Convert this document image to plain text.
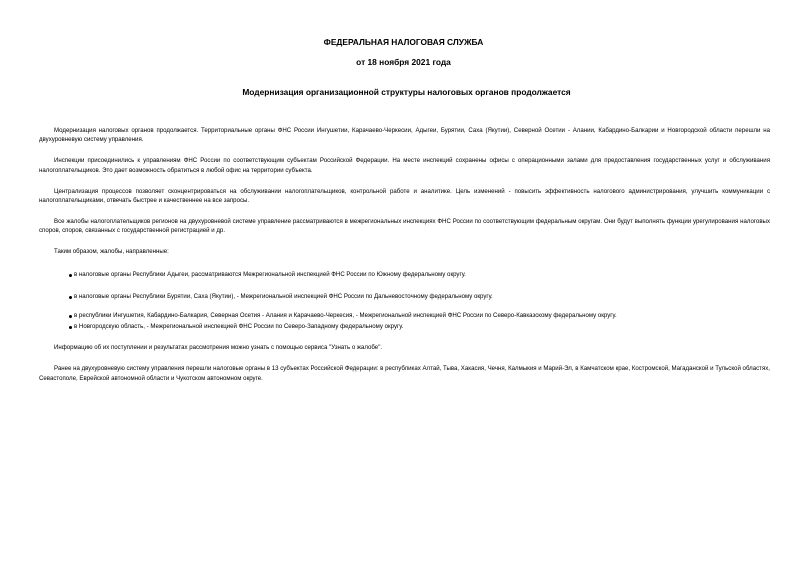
ФЕДЕРАЛЬНАЯ НАЛОГОВАЯ СЛУЖБА
от 18 ноября 2021 года
Модернизация организационной структуры налоговых органов продолжается

Модернизация налоговых органов продолжается. Территориальные органы ФНС России Ингушетии, Карачаево-Черкесии, Адыгеи, Бурятии, Саха (Якутии), Северной Осетии - Алании, Кабардино-Балкарии и Новгородской области перешли на двухуровневую систему управления.

Инспекции присоединились к управлениям ФНС России по соответствующим субъектам Российской Федерации. На месте инспекций сохранены офисы с операционными залами для предоставления государственных услуг и обслуживания налогоплательщиков. Это дает возможность обратиться в любой офис на территории субъекта.

Централизация процессов позволяет сконцентрироваться на обслуживании налогоплательщиков, контрольной работе и аналитике. Цель изменений - повысить эффективность налогового администрирования, улучшить коммуникации с налогоплательщиками, отвечать быстрее и качественнее на все запросы.

Все жалобы налогоплательщиков регионов на двухуровневой системе управление рассматриваются в межрегиональных инспекциях ФНС России по соответствующим федеральным округам. Они будут выполнять функции урегулирования налоговых споров, споров, связанных с государственной регистрацией и др.

Таким образом, жалобы, направленные:

в налоговые органы Республики Адыгеи, рассматриваются Межрегиональной инспекцией ФНС России по Южному федеральному округу.

в налоговые органы Республики Бурятии, Саха (Якутии), - Межрегиональной инспекцией ФНС России по Дальневосточному федеральному округу.

в республики Ингушетия, Кабардино-Балкария, Северная Осетия - Алания и Карачаево-Черкесия, - Межрегиональной инспекцией ФНС России по Северо-Кавказскому федеральному округу.

в Новгородскую область, - Межрегиональной инспекцией ФНС России по Северо-Западному федеральному округу.

Информацию об их поступлении и результатах рассмотрения можно узнать с помощью сервиса "Узнать о жалобе".

Ранее на двухуровневую систему управления перешли налоговые органы в 13 субъектах Российской Федерации: в республиках Алтай, Тыва, Хакасия, Чечня, Калмыкия и Марий-Эл, в Камчатском крае, Костромской, Магаданской и Тульской областях, Севастополе, Еврейской автономной области и Чукотском автономном округе.
